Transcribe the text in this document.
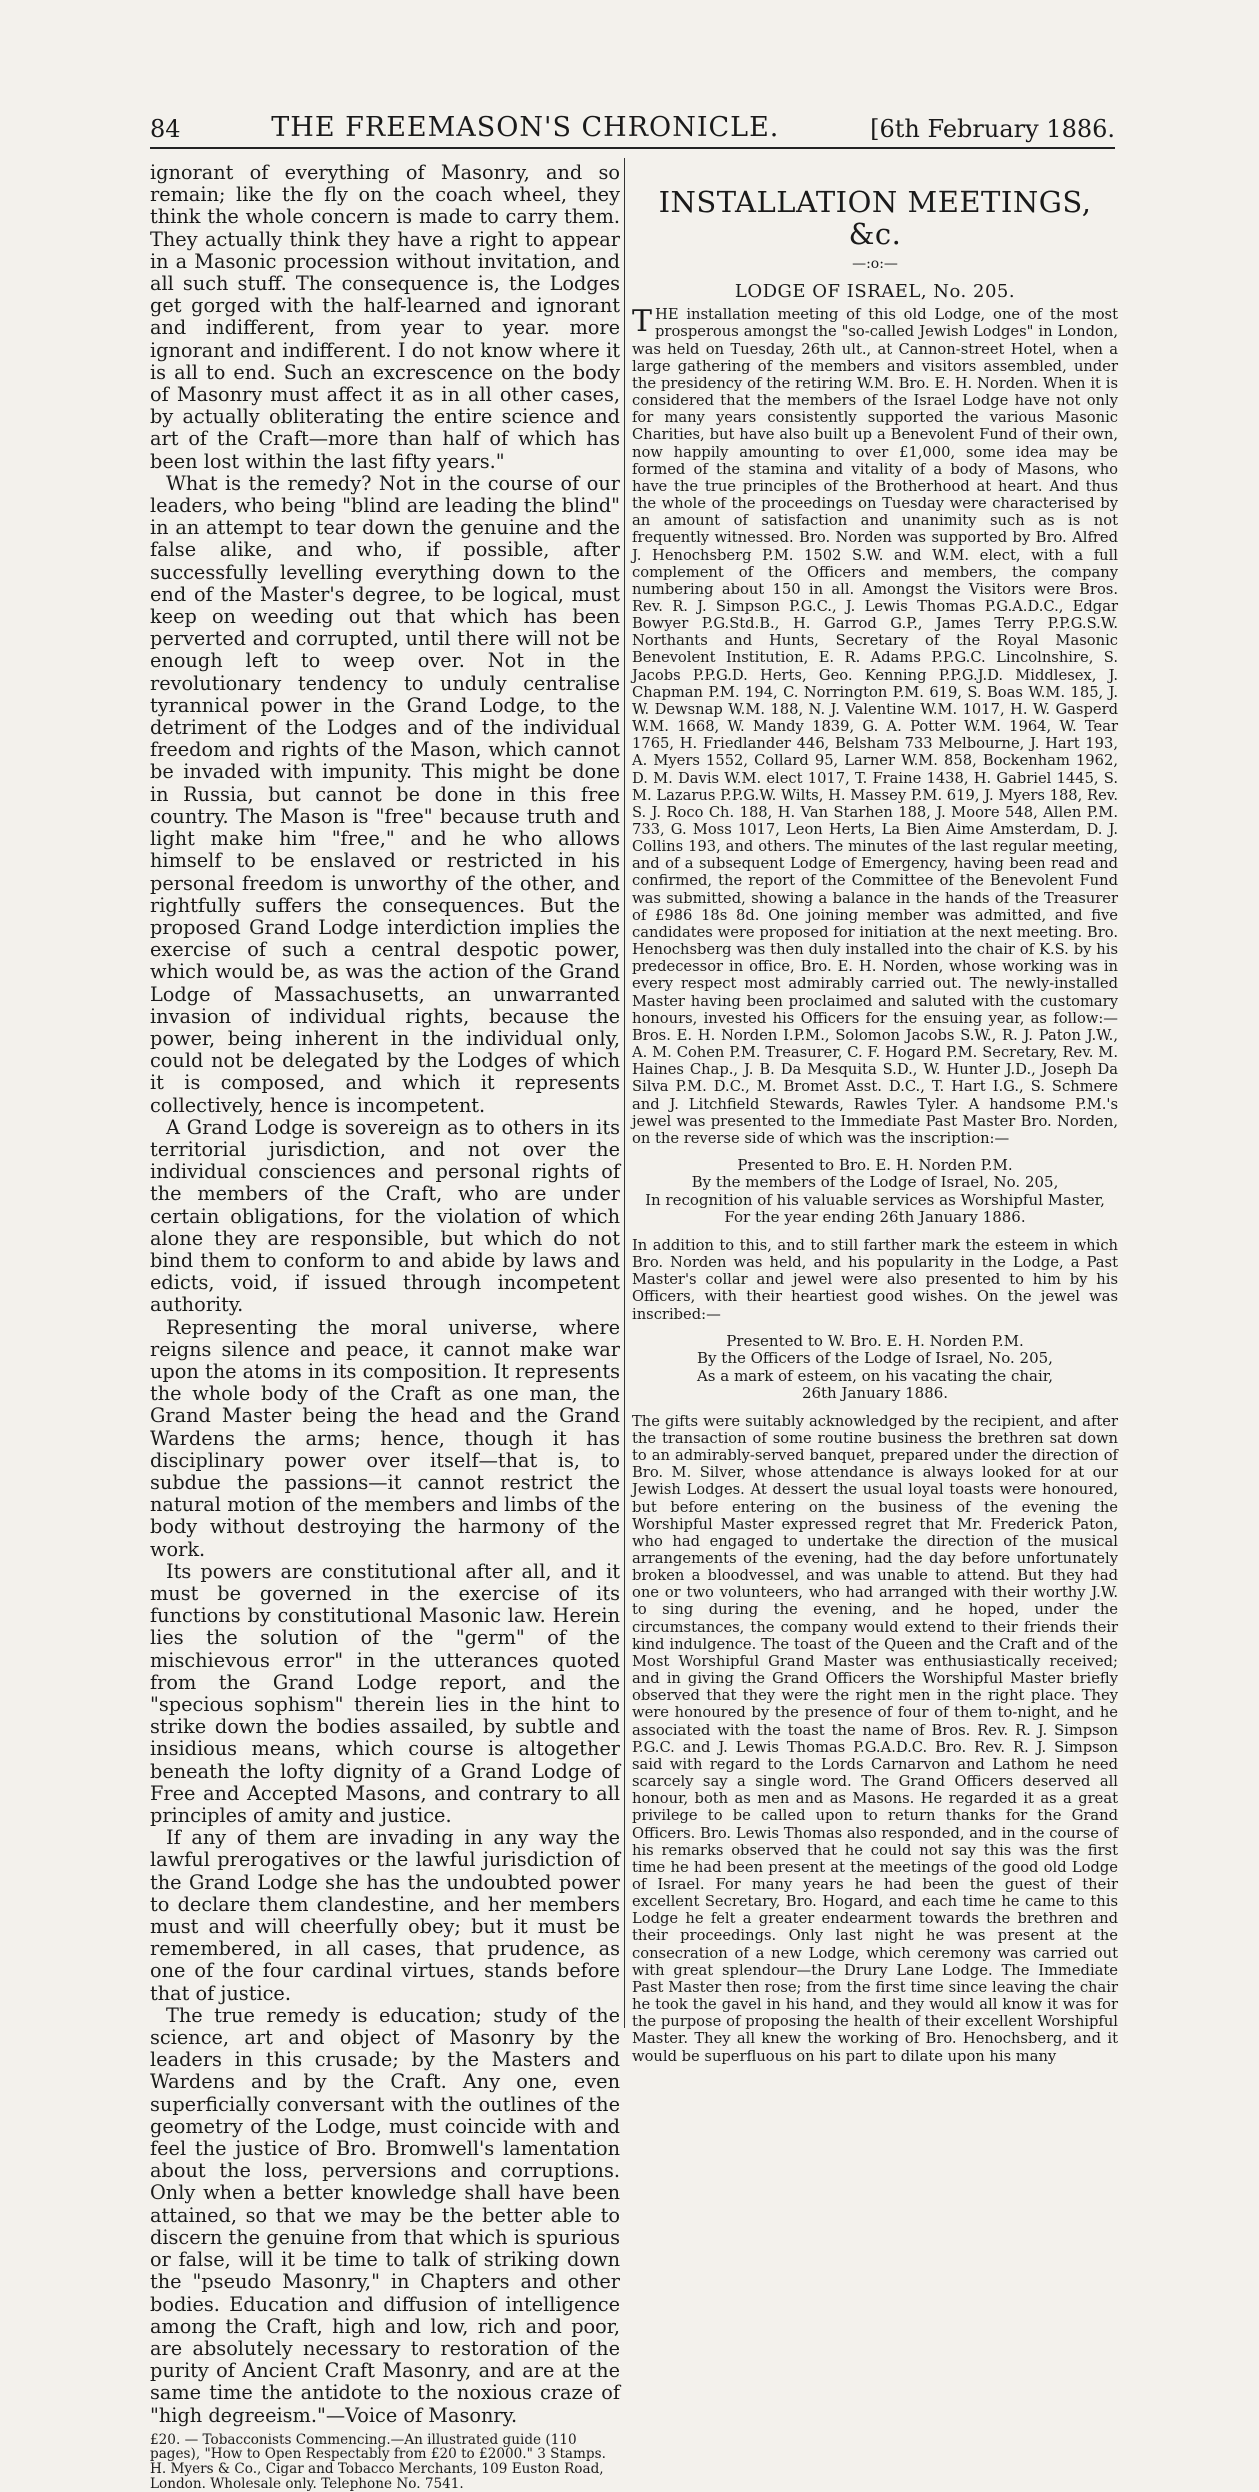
84	THE FREEMASON'S CHRONICLE.	[6th February 1886.

ignorant of everything of Masonry, and so remain; like the fly on the coach wheel, they think the whole concern is made to carry them. They actually think they have a right to appear in a Masonic procession without invitation, and all such stuff. The consequence is, the Lodges get gorged with the half-learned and ignorant and indifferent, from year to year. more ignorant and indifferent. I do not know where it is all to end. Such an excrescence on the body of Masonry must affect it as in all other cases, by actually obliterating the entire science and art of the Craft—more than half of which has been lost within the last fifty years."

What is the remedy? Not in the course of our leaders, who being "blind are leading the blind" in an attempt to tear down the genuine and the false alike, and who, if possible, after successfully levelling everything down to the end of the Master's degree, to be logical, must keep on weeding out that which has been perverted and corrupted, until there will not be enough left to weep over. Not in the revolutionary tendency to unduly centralise tyrannical power in the Grand Lodge, to the detriment of the Lodges and of the individual freedom and rights of the Mason, which cannot be invaded with impunity. This might be done in Russia, but cannot be done in this free country. The Mason is "free" because truth and light make him "free," and he who allows himself to be enslaved or restricted in his personal freedom is unworthy of the other, and rightfully suffers the consequences. But the proposed Grand Lodge interdiction implies the exercise of such a central despotic power, which would be, as was the action of the Grand Lodge of Massachusetts, an unwarranted invasion of individual rights, because the power, being inherent in the individual only, could not be delegated by the Lodges of which it is composed, and which it represents collectively, hence is incompetent.

A Grand Lodge is sovereign as to others in its territorial jurisdiction, and not over the individual consciences and personal rights of the members of the Craft, who are under certain obligations, for the violation of which alone they are responsible, but which do not bind them to conform to and abide by laws and edicts, void, if issued through incompetent authority.

Representing the moral universe, where reigns silence and peace, it cannot make war upon the atoms in its composition. It represents the whole body of the Craft as one man, the Grand Master being the head and the Grand Wardens the arms; hence, though it has disciplinary power over itself—that is, to subdue the passions—it cannot restrict the natural motion of the members and limbs of the body without destroying the harmony of the work.

Its powers are constitutional after all, and it must be governed in the exercise of its functions by constitutional Masonic law. Herein lies the solution of the "germ" of the mischievous error" in the utterances quoted from the Grand Lodge report, and the "specious sophism" therein lies in the hint to strike down the bodies assailed, by subtle and insidious means, which course is altogether beneath the lofty dignity of a Grand Lodge of Free and Accepted Masons, and contrary to all principles of amity and justice.

If any of them are invading in any way the lawful prerogatives or the lawful jurisdiction of the Grand Lodge she has the undoubted power to declare them clandestine, and her members must and will cheerfully obey; but it must be remembered, in all cases, that prudence, as one of the four cardinal virtues, stands before that of justice.

The true remedy is education; study of the science, art and object of Masonry by the leaders in this crusade; by the Masters and Wardens and by the Craft. Any one, even superficially conversant with the outlines of the geometry of the Lodge, must coincide with and feel the justice of Bro. Bromwell's lamentation about the loss, perversions and corruptions. Only when a better knowledge shall have been attained, so that we may be the better able to discern the genuine from that which is spurious or false, will it be time to talk of striking down the "pseudo Masonry," in Chapters and other bodies. Education and diffusion of intelligence among the Craft, high and low, rich and poor, are absolutely necessary to restoration of the purity of Ancient Craft Masonry, and are at the same time the antidote to the noxious craze of "high degreeism."—Voice of Masonry.

£20. — Tobacconists Commencing.—An illustrated guide (110 pages), "How to Open Respectably from £20 to £2000." 3 Stamps. H. Myers & Co., Cigar and Tobacco Merchants, 109 Euston Road, London. Wholesale only. Telephone No. 7541.

INSTALLATION MEETINGS, &c.
—:o:—
LODGE OF ISRAEL, No. 205.

THE installation meeting of this old Lodge, one of the most prosperous amongst the "so-called Jewish Lodges" in London, was held on Tuesday, 26th ult., at Cannon-street Hotel, when a large gathering of the members and visitors assembled, under the presidency of the retiring W.M. Bro. E. H. Norden. When it is considered that the members of the Israel Lodge have not only for many years consistently supported the various Masonic Charities, but have also built up a Benevolent Fund of their own, now happily amounting to over £1,000, some idea may be formed of the stamina and vitality of a body of Masons, who have the true principles of the Brotherhood at heart. And thus the whole of the proceedings on Tuesday were characterised by an amount of satisfaction and unanimity such as is not frequently witnessed. Bro. Norden was supported by Bro. Alfred J. Henochsberg P.M. 1502 S.W. and W.M. elect, with a full complement of the Officers and members, the company numbering about 150 in all. Amongst the Visitors were Bros. Rev. R. J. Simpson P.G.C., J. Lewis Thomas P.G.A.D.C., Edgar Bowyer P.G.Std.B., H. Garrod G.P., James Terry P.P.G.S.W. Northants and Hunts, Secretary of the Royal Masonic Benevolent Institution, E. R. Adams P.P.G.C. Lincolnshire, S. Jacobs P.P.G.D. Herts, Geo. Kenning P.P.G.J.D. Middlesex, J. Chapman P.M. 194, C. Norrington P.M. 619, S. Boas W.M. 185, J. W. Dewsnap W.M. 188, N. J. Valentine W.M. 1017, H. W. Gasperd W.M. 1668, W. Mandy 1839, G. A. Potter W.M. 1964, W. Tear 1765, H. Friedlander 446, Belsham 733 Melbourne, J. Hart 193, A. Myers 1552, Collard 95, Larner W.M. 858, Bockenham 1962, D. M. Davis W.M. elect 1017, T. Fraine 1438, H. Gabriel 1445, S. M. Lazarus P.P.G.W. Wilts, H. Massey P.M. 619, J. Myers 188, Rev. S. J. Roco Ch. 188, H. Van Starhen 188, J. Moore 548, Allen P.M. 733, G. Moss 1017, Leon Herts, La Bien Aime Amsterdam, D. J. Collins 193, and others. The minutes of the last regular meeting, and of a subsequent Lodge of Emergency, having been read and confirmed, the report of the Committee of the Benevolent Fund was submitted, showing a balance in the hands of the Treasurer of £986 18s 8d. One joining member was admitted, and five candidates were proposed for initiation at the next meeting. Bro. Henochsberg was then duly installed into the chair of K.S. by his predecessor in office, Bro. E. H. Norden, whose working was in every respect most admirably carried out. The newly-installed Master having been proclaimed and saluted with the customary honours, invested his Officers for the ensuing year, as follow:—Bros. E. H. Norden I.P.M., Solomon Jacobs S.W., R. J. Paton J.W., A. M. Cohen P.M. Treasurer, C. F. Hogard P.M. Secretary, Rev. M. Haines Chap., J. B. Da Mesquita S.D., W. Hunter J.D., Joseph Da Silva P.M. D.C., M. Bromet Asst. D.C., T. Hart I.G., S. Schmere and J. Litchfield Stewards, Rawles Tyler. A handsome P.M.'s jewel was presented to the Immediate Past Master Bro. Norden, on the reverse side of which was the inscription:—

Presented to Bro. E. H. Norden P.M.
By the members of the Lodge of Israel, No. 205,
In recognition of his valuable services as Worshipful Master,
For the year ending 26th January 1886.

In addition to this, and to still farther mark the esteem in which Bro. Norden was held, and his popularity in the Lodge, a Past Master's collar and jewel were also presented to him by his Officers, with their heartiest good wishes. On the jewel was inscribed:—

Presented to W. Bro. E. H. Norden P.M.
By the Officers of the Lodge of Israel, No. 205,
As a mark of esteem, on his vacating the chair,
26th January 1886.

The gifts were suitably acknowledged by the recipient, and after the transaction of some routine business the brethren sat down to an admirably-served banquet, prepared under the direction of Bro. M. Silver, whose attendance is always looked for at our Jewish Lodges. At dessert the usual loyal toasts were honoured, but before entering on the business of the evening the Worshipful Master expressed regret that Mr. Frederick Paton, who had engaged to undertake the direction of the musical arrangements of the evening, had the day before unfortunately broken a bloodvessel, and was unable to attend. But they had one or two volunteers, who had arranged with their worthy J.W. to sing during the evening, and he hoped, under the circumstances, the company would extend to their friends their kind indulgence. The toast of the Queen and the Craft and of the Most Worshipful Grand Master was enthusiastically received; and in giving the Grand Officers the Worshipful Master briefly observed that they were the right men in the right place. They were honoured by the presence of four of them to-night, and he associated with the toast the name of Bros. Rev. R. J. Simpson P.G.C. and J. Lewis Thomas P.G.A.D.C. Bro. Rev. R. J. Simpson said with regard to the Lords Carnarvon and Lathom he need scarcely say a single word. The Grand Officers deserved all honour, both as men and as Masons. He regarded it as a great privilege to be called upon to return thanks for the Grand Officers. Bro. Lewis Thomas also responded, and in the course of his remarks observed that he could not say this was the first time he had been present at the meetings of the good old Lodge of Israel. For many years he had been the guest of their excellent Secretary, Bro. Hogard, and each time he came to this Lodge he felt a greater endearment towards the brethren and their proceedings. Only last night he was present at the consecration of a new Lodge, which ceremony was carried out with great splendour—the Drury Lane Lodge. The Immediate Past Master then rose; from the first time since leaving the chair he took the gavel in his hand, and they would all know it was for the purpose of proposing the health of their excellent Worshipful Master. They all knew the working of Bro. Henochsberg, and it would be superfluous on his part to dilate upon his many
